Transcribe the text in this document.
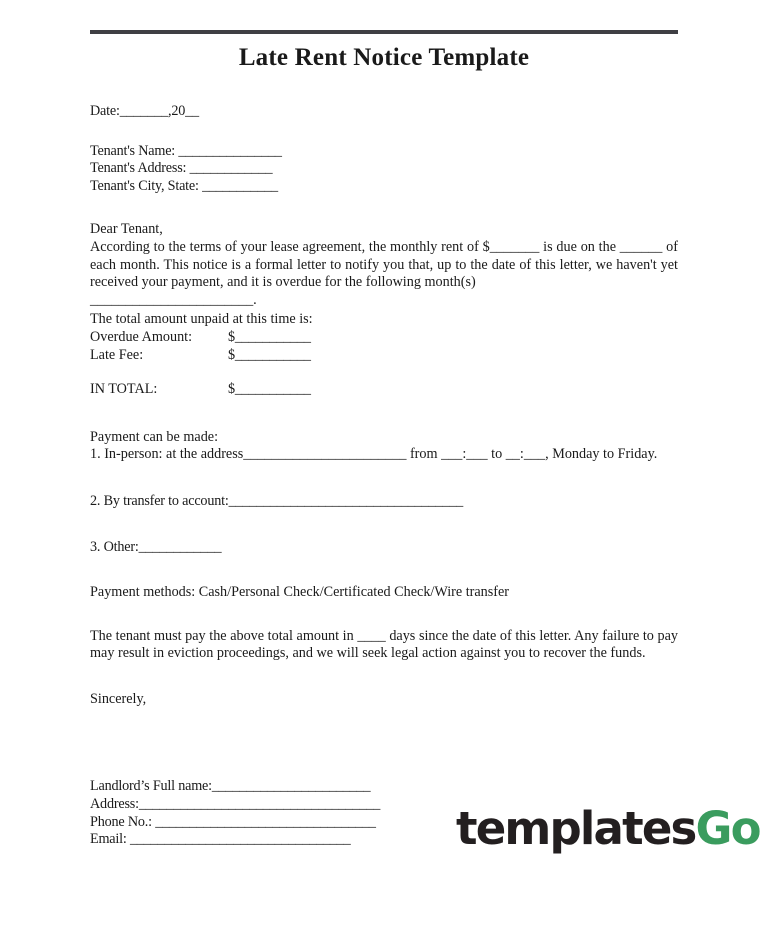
Late Rent Notice Template
Date:_______,20__
Tenant's Name: _______________
Tenant's Address: ____________
Tenant's City, State: ___________
Dear Tenant,
According to the terms of your lease agreement, the monthly rent of $_______ is due on the ______ of each month. This notice is a formal letter to notify you that, up to the date of this letter, we haven't yet received your payment, and it is overdue for the following month(s)
_______________________.
The total amount unpaid at this time is:
Overdue Amount:	$___________
Late Fee:	$___________
IN TOTAL:	$___________
Payment can be made:
1. In-person: at the address_______________________ from ___:___ to __:___, Monday to Friday.
2. By transfer to account:__________________________________
3. Other:____________
Payment methods: Cash/Personal Check/Certificated Check/Wire transfer
The tenant must pay the above total amount in ____ days since the date of this letter. Any failure to pay may result in eviction proceedings, and we will seek legal action against you to recover the funds.
Sincerely,
Landlord’s Full name:_______________________
Address:___________________________________
Phone No.: ________________________________
Email: ________________________________	templatesGo
